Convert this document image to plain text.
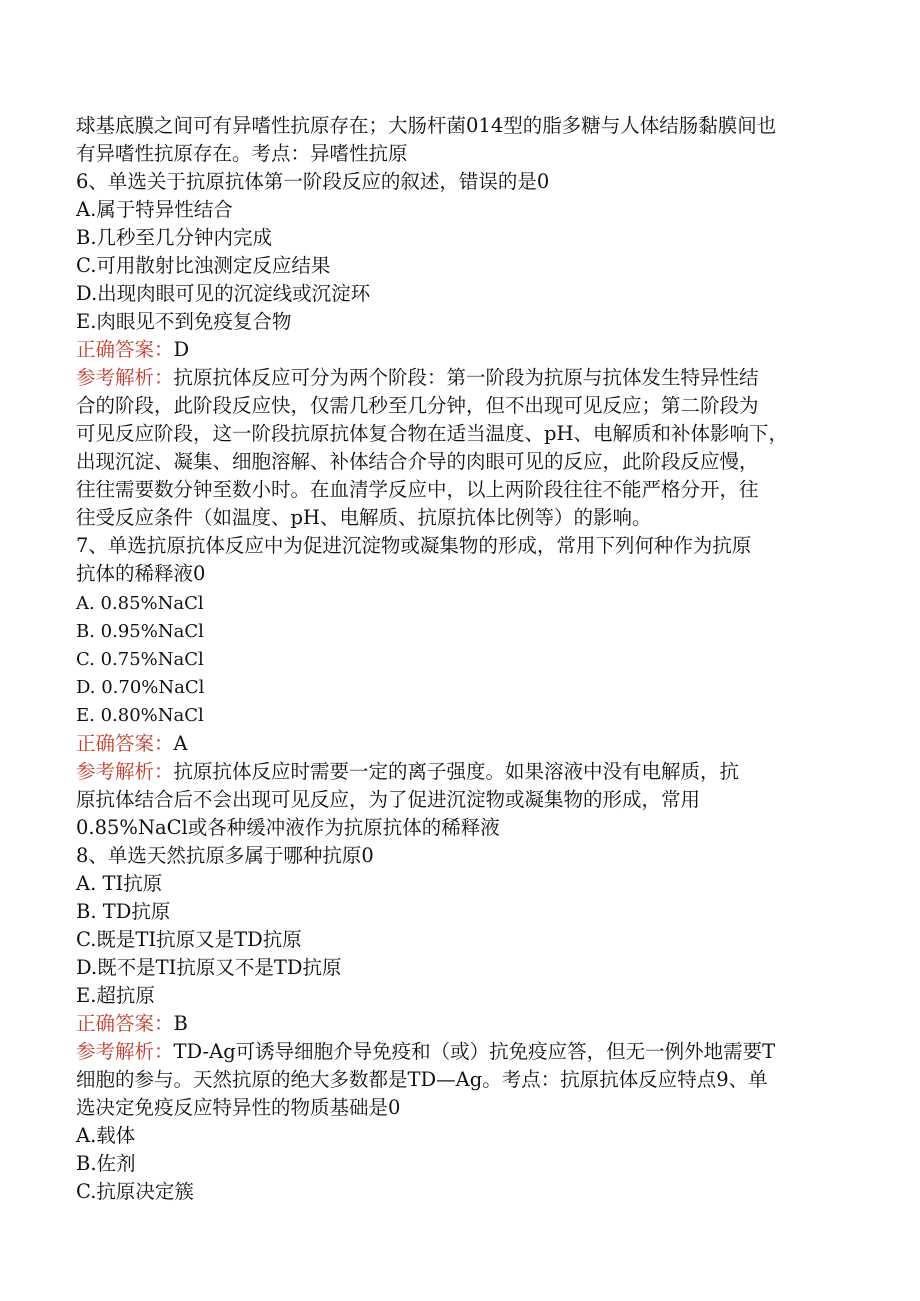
球基底膜之间可有异嗜性抗原存在；大肠杆菌014型的脂多糖与人体结肠黏膜间也
有异嗜性抗原存在。考点：异嗜性抗原
6、单选关于抗原抗体第一阶段反应的叙述，错误的是0
A.属于特异性结合
B.几秒至几分钟内完成
C.可用散射比浊测定反应结果
D.出现肉眼可见的沉淀线或沉淀环
E.肉眼见不到免疫复合物
正确答案：D
参考解析：抗原抗体反应可分为两个阶段：第一阶段为抗原与抗体发生特异性结
合的阶段，此阶段反应快，仅需几秒至几分钟，但不出现可见反应；第二阶段为
可见反应阶段，这一阶段抗原抗体复合物在适当温度、pH、电解质和补体影响下，
出现沉淀、凝集、细胞溶解、补体结合介导的肉眼可见的反应，此阶段反应慢，
往往需要数分钟至数小时。在血清学反应中，以上两阶段往往不能严格分开，往
往受反应条件（如温度、pH、电解质、抗原抗体比例等）的影响。
7、单选抗原抗体反应中为促进沉淀物或凝集物的形成，常用下列何种作为抗原
抗体的稀释液0
A. 0.85%NaCl
B. 0.95%NaCl
C. 0.75%NaCl
D. 0.70%NaCl
E. 0.80%NaCl
正确答案：A
参考解析：抗原抗体反应时需要一定的离子强度。如果溶液中没有电解质，抗
原抗体结合后不会出现可见反应，为了促进沉淀物或凝集物的形成，常用
0.85%NaCl或各种缓冲液作为抗原抗体的稀释液
8、单选天然抗原多属于哪种抗原0
A. TI抗原
B. TD抗原
C.既是TI抗原又是TD抗原
D.既不是TI抗原又不是TD抗原
E.超抗原
正确答案：B
参考解析：TD-Ag可诱导细胞介导免疫和（或）抗免疫应答，但无一例外地需要T
细胞的参与。天然抗原的绝大多数都是TD—Ag。考点：抗原抗体反应特点9、单
选决定免疫反应特异性的物质基础是0
A.载体
B.佐剂
C.抗原决定簇
